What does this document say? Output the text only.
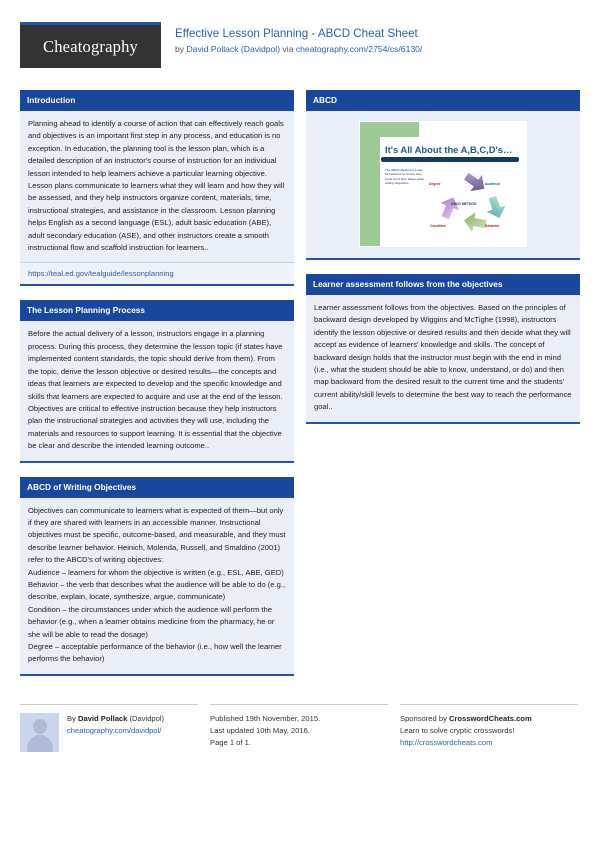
Cheatography
Effective Lesson Planning - ABCD Cheat Sheet
by David Pollack (Davidpol) via cheatography.com/2754/cs/6130/
Introduction

Planning ahead to identify a course of action that can effectively reach goals and objectives is an important first step in any process, and education is no exception. In education, the planning tool is the lesson plan, which is a detailed description of an instructor's course of instruction for an individual lesson intended to help learners achieve a particular learning objective. Lesson plans communicate to learners what they will learn and how they will be assessed, and they help instructors organize content, materials, time, instructional strategies, and assistance in the classroom. Lesson planning helps English as a second language (ESL), adult basic education (ABE), adult secondary education (ASE), and other instructors create a smooth instructional flow and scaffold instruction for learners..

https://teal.ed.gov/tealguide/lessonplanning
The Lesson Planning Process

Before the actual delivery of a lesson, instructors engage in a planning process. During this process, they determine the lesson topic (if states have implemented content standards, the topic should derive from them). From the topic, derive the lesson objective or desired results—the concepts and ideas that learners are expected to develop and the specific knowledge and skills that learners are expected to acquire and use at the end of the lesson. Objectives are critical to effective instruction because they help instructors plan the instructional strategies and activities they will use, including the materials and resources to support learning. It is essential that the objective be clear and describe the intended learning outcome..

ABCD of Writing Objectives

Objectives can communicate to learners what is expected of them—but only if they are shared with learners in an accessible manner. Instructional objectives must be specific, outcome-based, and measurable, and they must describe learner behavior. Heinich, Molenda, Russell, and Smaldino (2001) refer to the ABCD's of writing objectives:

Audience – learners for whom the objective is written (e.g., ESL, ABE, GED)

Behavior – the verb that describes what the audience will be able to do (e.g., describe, explain, locate, synthesize, argue, communicate)

Condition – the circumstances under which the audience will perform the behavior (e.g., when a learner obtains medicine from the pharmacy, he or she will be able to read the dosage)

Degree – acceptable performance of the behavior (i.e., how well the learner performs the behavior)

ABCD
It's All About the A,B,C,D's…
The ABCD Method is a way for teachers to ensure they cover all of their bases when writing objectives	Degree	Audience
Behavior
Condition
ABCD METHOD
Learner assessment follows from the objectives

Learner assessment follows from the objectives. Based on the principles of backward design developed by Wiggins and McTighe (1998), instructors identify the lesson objective or desired results and then decide what they will accept as evidence of learners' knowledge and skills. The concept of backward design holds that the instructor must begin with the end in mind (i.e., what the student should be able to know, understand, or do) and then map backward from the desired result to the current time and the students' current ability/skill levels to determine the best way to reach the performance goal..

By David Pollack (Davidpol)
cheatography.com/davidpol/
Published 19th November, 2015.
Last updated 10th May, 2016.
Page 1 of 1.
Sponsored by CrosswordCheats.com
Learn to solve cryptic crosswords!
http://crosswordcheats.com
